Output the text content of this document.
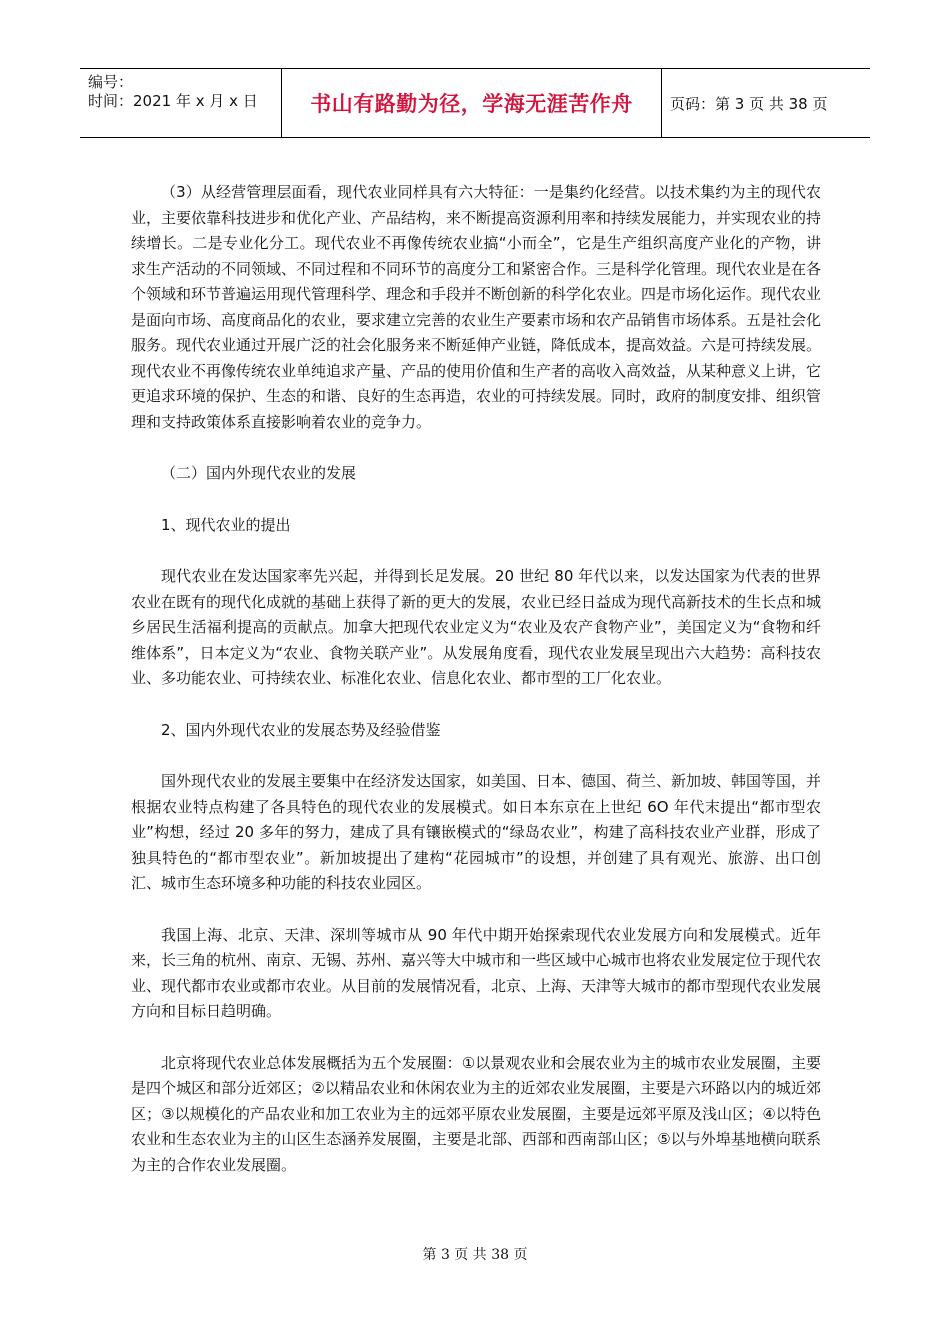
编号：
时间：2021 年 x 月 x 日	书山有路勤为径，学海无涯苦作舟 页码：第 3 页 共 38 页

（3）从经营管理层面看，现代农业同样具有六大特征：一是集约化经营。以技术集约为主的现代农业，主要依靠科技进步和优化产业、产品结构，来不断提高资源利用率和持续发展能力，并实现农业的持续增长。二是专业化分工。现代农业不再像传统农业搞“小而全”，它是生产组织高度产业化的产物，讲求生产活动的不同领域、不同过程和不同环节的高度分工和紧密合作。三是科学化管理。现代农业是在各个领域和环节普遍运用现代管理科学、理念和手段并不断创新的科学化农业。四是市场化运作。现代农业是面向市场、高度商品化的农业，要求建立完善的农业生产要素市场和农产品销售市场体系。五是社会化服务。现代农业通过开展广泛的社会化服务来不断延伸产业链，降低成本，提高效益。六是可持续发展。现代农业不再像传统农业单纯追求产量、产品的使用价值和生产者的高收入高效益，从某种意义上讲，它更追求环境的保护、生态的和谐、良好的生态再造，农业的可持续发展。同时，政府的制度安排、组织管理和支持政策体系直接影响着农业的竞争力。

（二）国内外现代农业的发展

1、现代农业的提出

现代农业在发达国家率先兴起，并得到长足发展。20 世纪 80 年代以来，以发达国家为代表的世界农业在既有的现代化成就的基础上获得了新的更大的发展，农业已经日益成为现代高新技术的生长点和城乡居民生活福利提高的贡献点。加拿大把现代农业定义为“农业及农产食物产业”，美国定义为“食物和纤维体系”，日本定义为“农业、食物关联产业”。从发展角度看，现代农业发展呈现出六大趋势：高科技农业、多功能农业、可持续农业、标准化农业、信息化农业、都市型的工厂化农业。

2、国内外现代农业的发展态势及经验借鉴

国外现代农业的发展主要集中在经济发达国家，如美国、日本、德国、荷兰、新加坡、韩国等国，并根据农业特点构建了各具特色的现代农业的发展模式。如日本东京在上世纪 6O 年代末提出“都市型农业”构想，经过 20 多年的努力，建成了具有镶嵌模式的“绿岛农业”，构建了高科技农业产业群，形成了独具特色的“都市型农业”。新加坡提出了建构“花园城市”的设想，并创建了具有观光、旅游、出口创汇、城市生态环境多种功能的科技农业园区。

我国上海、北京、天津、深圳等城市从 90 年代中期开始探索现代农业发展方向和发展模式。近年来，长三角的杭州、南京、无锡、苏州、嘉兴等大中城市和一些区域中心城市也将农业发展定位于现代农业、现代都市农业或都市农业。从目前的发展情况看，北京、上海、天津等大城市的都市型现代农业发展方向和目标日趋明确。

北京将现代农业总体发展概括为五个发展圈：①以景观农业和会展农业为主的城市农业发展圈，主要是四个城区和部分近郊区；②以精品农业和休闲农业为主的近郊农业发展圈，主要是六环路以内的城近郊区；③以规模化的产品农业和加工农业为主的远郊平原农业发展圈，主要是远郊平原及浅山区；④以特色农业和生态农业为主的山区生态涵养发展圈，主要是北部、西部和西南部山区；⑤以与外埠基地横向联系为主的合作农业发展圈。

第 3 页 共 38 页
